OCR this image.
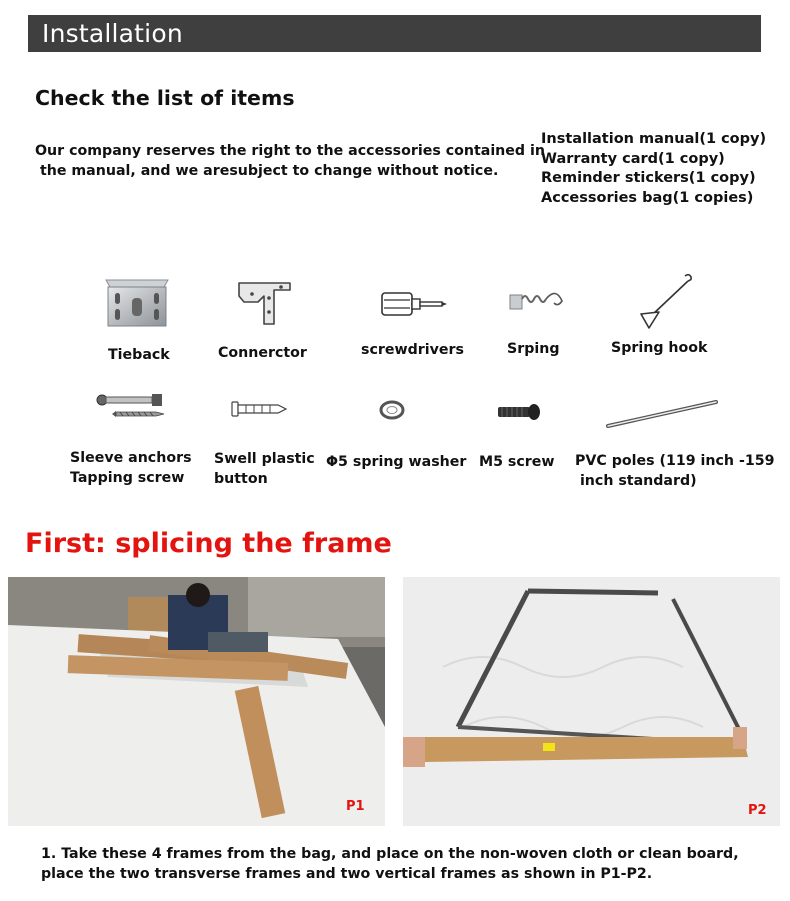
Installation
Check the list of items
Our company reserves the right to the accessories contained in
the manual, and we aresubject to change without notice.
Installation manual(1 copy)
Warranty card(1 copy)
Reminder stickers(1 copy)
Accessories bag(1 copies)
Tieback	Connerctor	screwdrivers	Srping	Spring hook
Sleeve anchors
Tapping screw
Swell plastic
button
Φ5 spring washer M5 screw PVC poles (119 inch -159
inch standard)
First: splicing the frame
P1	P2
1. Take these 4 frames from the bag, and place on the non-woven cloth or clean board,
place the two transverse frames and two vertical frames as shown in P1-P2.
